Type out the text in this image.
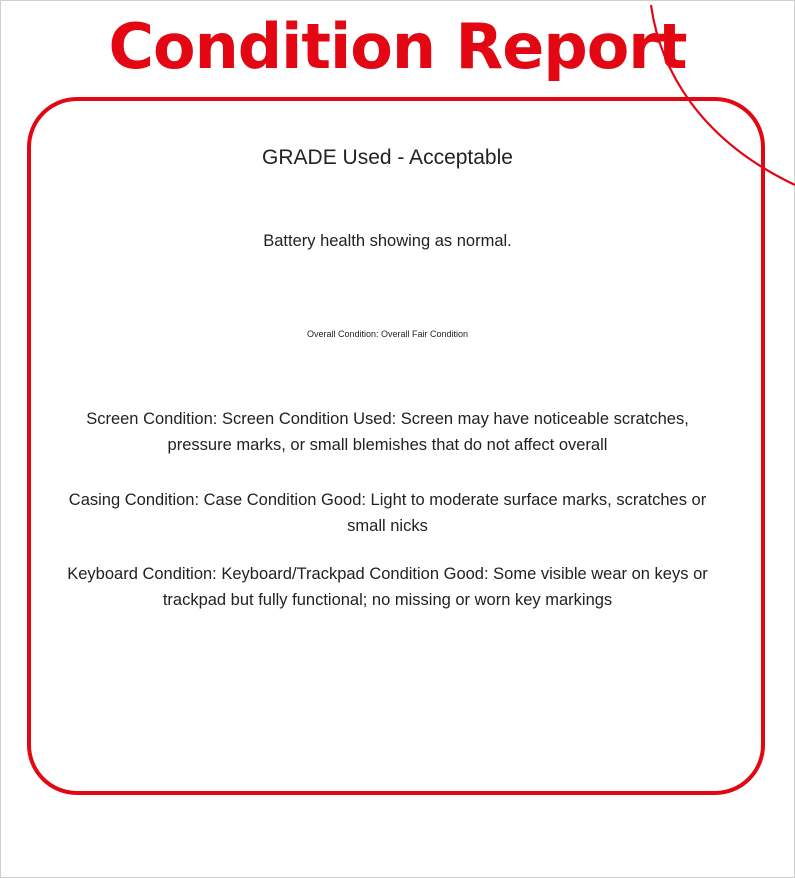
Condition Report
GRADE Used - Acceptable
Battery health showing as normal.
Overall Condition: Overall Fair Condition
Screen Condition: Screen Condition Used: Screen may have noticeable scratches, pressure marks, or small blemishes that do not affect overall
Casing Condition: Case Condition Good: Light to moderate surface marks, scratches or small nicks
Keyboard Condition: Keyboard/Trackpad Condition Good: Some visible wear on keys or trackpad but fully functional; no missing or worn key markings
